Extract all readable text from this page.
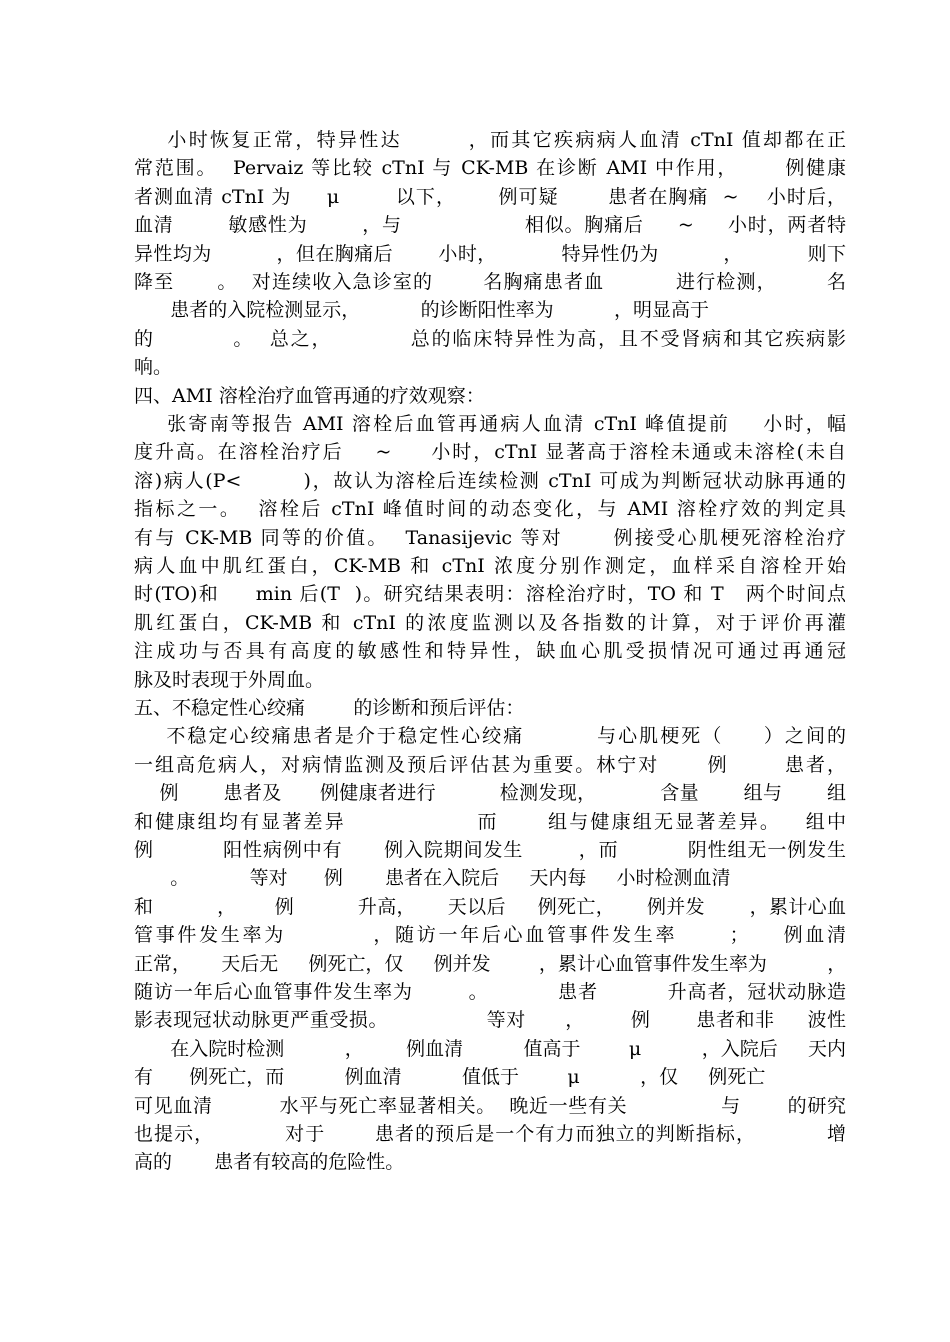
小时恢复正常，特异性达        ，而其它疾病病人血清 cTnI 值却都在正
常范围。  Pervaiz 等比较 cTnI 与 CK-MB 在诊断 AMI 中作用，      例健康
者测血清 cTnI 为     μ        以下，      例可疑       患者在胸痛  ~    小时后，
血清        敏感性为        ，与                  相似。胸痛后     ~     小时，两者特
异性均为          ，但在胸痛后       小时，          特异性仍为          ，          则下
降至      。  对连续收入急诊室的       名胸痛患者血          进行检测，       名
患者的入院检测显示，          的诊断阳性率为          ，明显高于
的          。  总之，          总的临床特异性为高，且不受肾病和其它疾病影
响。
四、AMI 溶栓治疗血管再通的疗效观察：
张寄南等报告 AMI 溶栓后血管再通病人血清 cTnI 峰值提前    小时，幅
度升高。在溶栓治疗后    ~     小时，cTnI 显著高于溶栓未通或未溶栓(未自
溶)病人(P<        )，故认为溶栓后连续检测 cTnI 可成为判断冠状动脉再通的
指标之一。  溶栓后 cTnI 峰值时间的动态变化，与 AMI 溶栓疗效的判定具
有与 CK-MB 同等的价值。  Tanasijevic 等对      例接受心肌梗死溶栓治疗
病人血中肌红蛋白，CK-MB 和 cTnI 浓度分别作测定，血样采自溶栓开始
时(TO)和     min 后(T  )。研究结果表明：溶栓治疗时，TO 和 T   两个时间点
肌红蛋白，CK-MB 和 cTnI 的浓度监测以及各指数的计算，对于评价再灌
注成功与否具有高度的敏感性和特异性，缺血心肌受损情况可通过再通冠
脉及时表现于外周血。
五、不稳定性心绞痛        的诊断和预后评估：
不稳定心绞痛患者是介于稳定性心绞痛         与心肌梗死（     ）之间的
一组高危病人，对病情监测及预后评估甚为重要。林宁对      例       患者，
例       患者及      例健康者进行          检测发现，          含量       组与       组
和健康组均有显著差异                而      组与健康组无显著差异。   组中
例          阳性病例中有      例入院期间发生        ，而          阴性组无一例发生
。          等对      例       患者在入院后     天内每     小时检测血清
和          ，      例          升高，     天以后     例死亡，     例并发       ，累计心血
管事件发生率为          ，随访一年后心血管事件发生率      ；    例血清
正常，     天后无     例死亡，仅     例并发        ，累计心血管事件发生率为          ，
随访一年后心血管事件发生率为        。          患者          升高者，冠状动脉造
影表现冠状动脉更严重受损。               等对      ，       例       患者和非     波性
在入院时检测          ，       例血清          值高于        μ          ，入院后     天内
有      例死亡，而          例血清          值低于        μ          ，仅     例死亡
可见血清          水平与死亡率显著相关。  晚近一些有关              与       的研究
也提示，          对于       患者的预后是一个有力而独立的判断指标，          增
高的       患者有较高的危险性。
